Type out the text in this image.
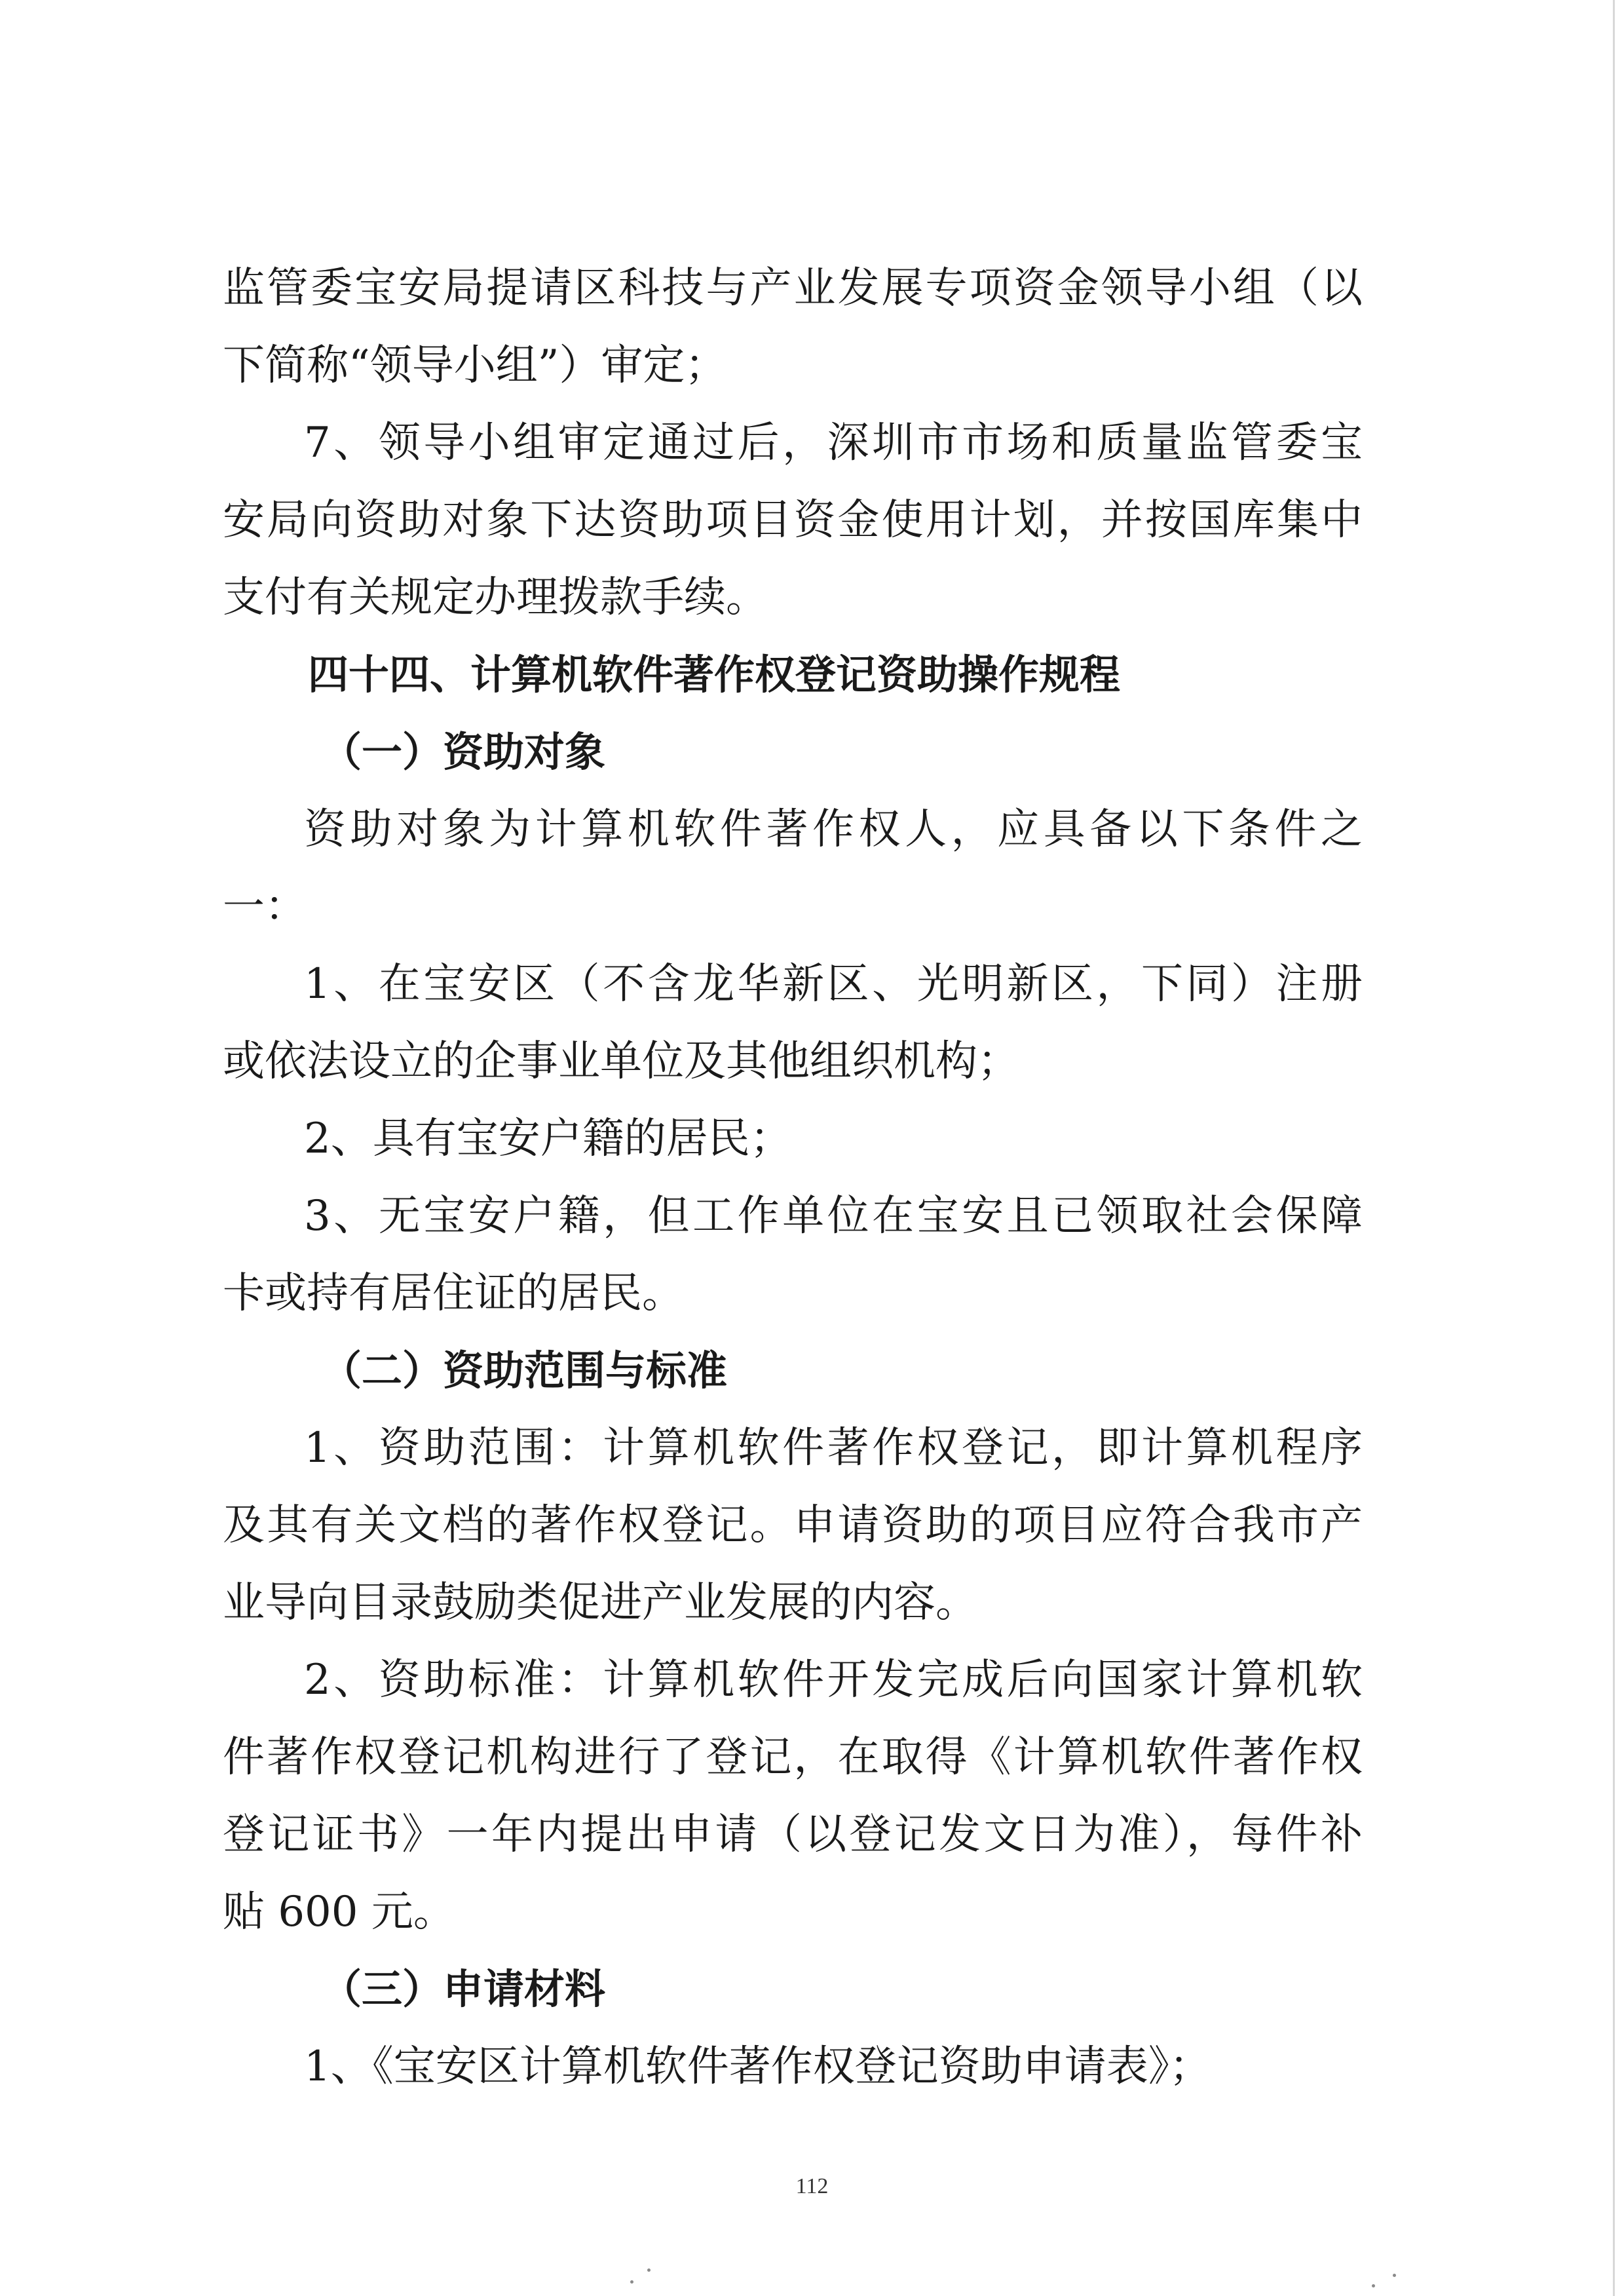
监管委宝安局提请区科技与产业发展专项资金领导小组（以
下简称“领导小组”）审定；
7、领导小组审定通过后，深圳市市场和质量监管委宝
安局向资助对象下达资助项目资金使用计划，并按国库集中
支付有关规定办理拨款手续。
四十四、计算机软件著作权登记资助操作规程
（一）资助对象
资助对象为计算机软件著作权人，应具备以下条件之
一：
1、在宝安区（不含龙华新区、光明新区，下同）注册
或依法设立的企事业单位及其他组织机构；
2、具有宝安户籍的居民；
3、无宝安户籍，但工作单位在宝安且已领取社会保障
卡或持有居住证的居民。
（二）资助范围与标准
1、资助范围：计算机软件著作权登记，即计算机程序
及其有关文档的著作权登记。申请资助的项目应符合我市产
业导向目录鼓励类促进产业发展的内容。
2、资助标准：计算机软件开发完成后向国家计算机软
件著作权登记机构进行了登记，在取得《计算机软件著作权
登记证书》一年内提出申请（以登记发文日为准），每件补
贴 600 元。
（三）申请材料
1、《宝安区计算机软件著作权登记资助申请表》；
112
